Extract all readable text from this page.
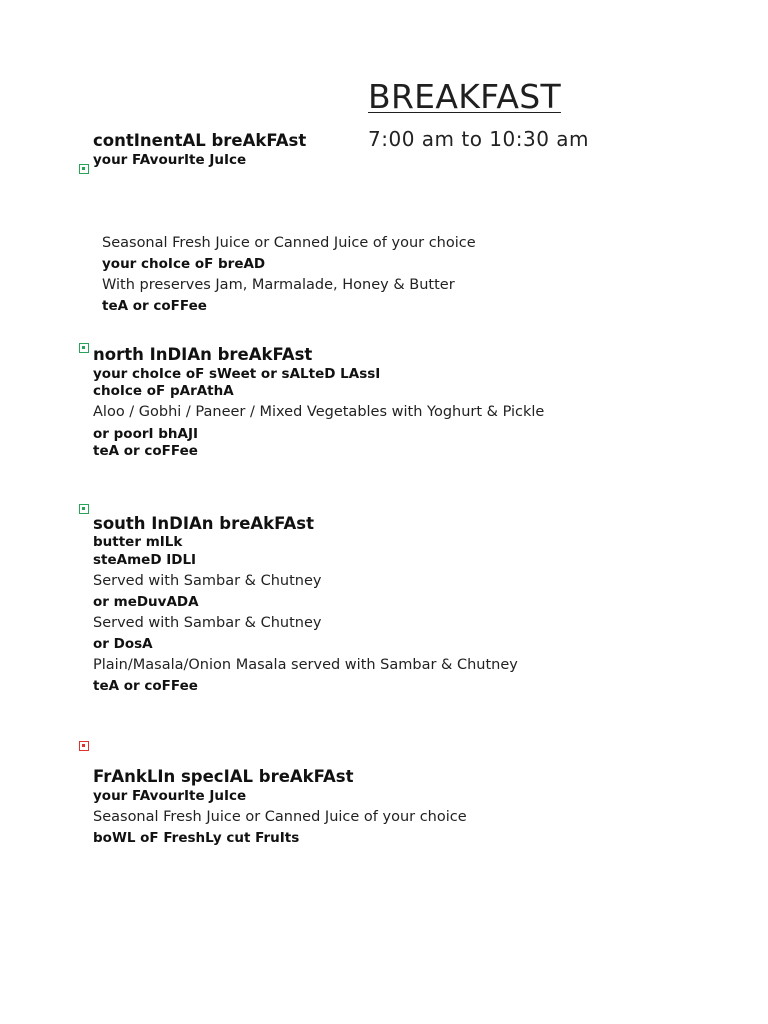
BREAKFAST
7:00 am to 10:30 am
contInentAL breAkFAst
your FAvourIte JuIce
Seasonal Fresh Juice or Canned Juice of your choice
your choIce oF breAD
With preserves Jam, Marmalade, Honey & Butter
teA or coFFee
north InDIAn breAkFAst
your choIce oF sWeet or sALteD LAssI
choIce oF pArAthA
Aloo / Gobhi / Paneer / Mixed Vegetables with Yoghurt & Pickle
or poorI bhAJI
teA or coFFee
south InDIAn breAkFAst
butter mILk
steAmeD IDLI
Served with Sambar & Chutney
or meDuvADA
Served with Sambar & Chutney
or DosA
Plain/Masala/Onion Masala served with Sambar & Chutney
teA or coFFee
FrAnkLIn specIAL breAkFAst
your FAvourIte JuIce
Seasonal Fresh Juice or Canned Juice of your choice
boWL oF FreshLy cut FruIts
